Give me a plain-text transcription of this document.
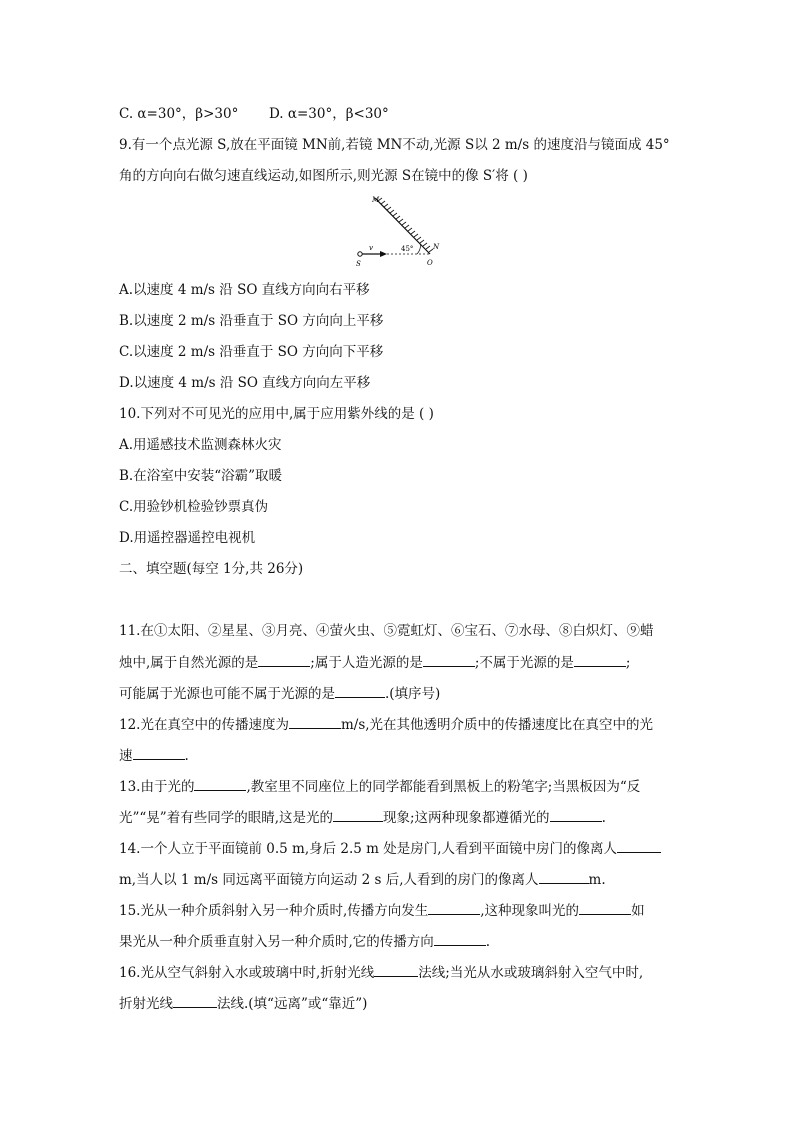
C. α=30°，β>30° D. α=30°，β<30°
9.有一个点光源 S,放在平面镜 MN前,若镜 MN不动,光源 S以 2 m/s 的速度沿与镜面成 45°
角的方向向右做匀速直线运动,如图所示,则光源 S在镜中的像 S′将 ( )
M
N
O
S
v	45°
A.以速度 4 m/s 沿 SO 直线方向向右平移
B.以速度 2 m/s 沿垂直于 SO 方向向上平移
C.以速度 2 m/s 沿垂直于 SO 方向向下平移
D.以速度 4 m/s 沿 SO 直线方向向左平移
10.下列对不可见光的应用中,属于应用紫外线的是 ( )
A.用遥感技术监测森林火灾
B.在浴室中安装“浴霸”取暖
C.用验钞机检验钞票真伪
D.用遥控器遥控电视机
二、填空题(每空 1分,共 26分)
11.在①太阳、②星星、③月亮、④萤火虫、⑤霓虹灯、⑥宝石、⑦水母、⑧白炽灯、⑨蜡
烛中,属于自然光源的是	;属于人造光源的是	;不属于光源的是	;
可能属于光源也可能不属于光源的是	.(填序号)
12.光在真空中的传播速度为	m/s,光在其他透明介质中的传播速度比在真空中的光
速	.
13.由于光的	,教室里不同座位上的同学都能看到黑板上的粉笔字;当黑板因为“反
光”“晃”着有些同学的眼睛,这是光的	现象;这两种现象都遵循光的	.
14.一个人立于平面镜前 0.5 m,身后 2.5 m 处是房门,人看到平面镜中房门的像离人
m,当人以 1 m/s 同远离平面镜方向运动 2 s 后,人看到的房门的像离人	m.
15.光从一种介质斜射入另一种介质时,传播方向发生	,这种现象叫光的	如
果光从一种介质垂直射入另一种介质时,它的传播方向	.
16.光从空气斜射入水或玻璃中时,折射光线	法线;当光从水或玻璃斜射入空气中时,
折射光线	法线.(填“远离”或“靠近”)
